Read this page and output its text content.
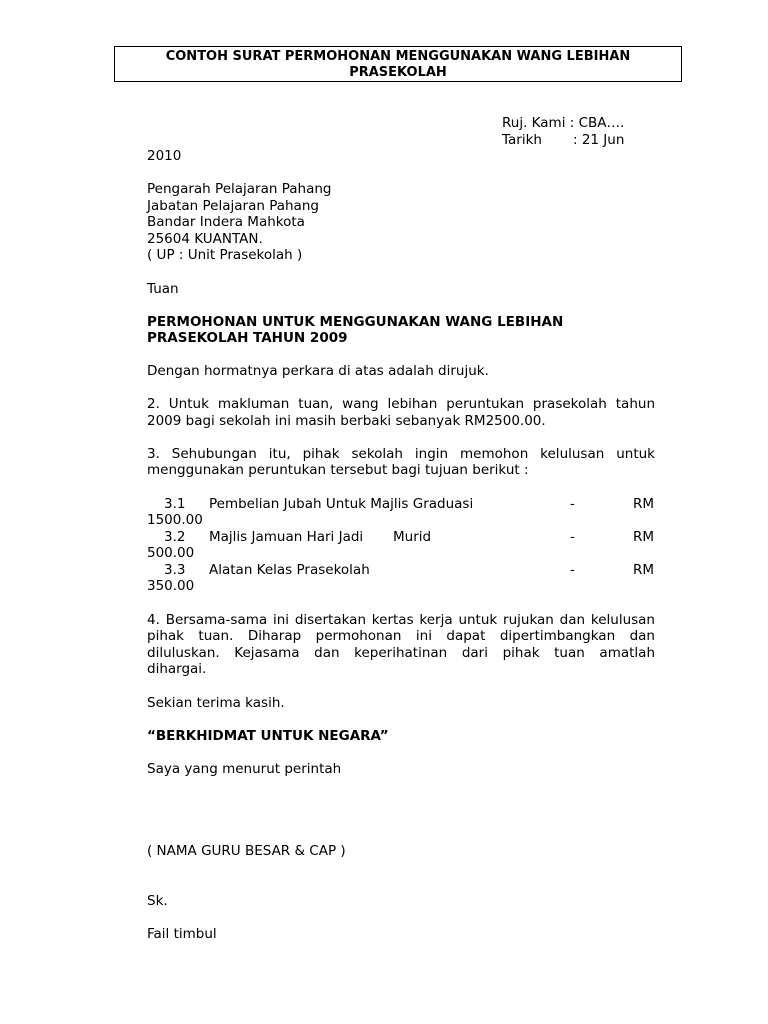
CONTOH SURAT PERMOHONAN MENGGUNAKAN WANG LEBIHAN
PRASEKOLAH
Ruj. Kami : CBA….
Tarikh : 21 Jun
2010
Pengarah Pelajaran Pahang
Jabatan Pelajaran Pahang
Bandar Indera Mahkota
25604 KUANTAN.
( UP : Unit Prasekolah )
Tuan
PERMOHONAN UNTUK MENGGUNAKAN WANG LEBIHAN
PRASEKOLAH TAHUN 2009
Dengan hormatnya perkara di atas adalah dirujuk.
2. Untuk makluman tuan, wang lebihan peruntukan prasekolah tahun
2009 bagi sekolah ini masih berbaki sebanyak RM2500.00.
3. Sehubungan itu, pihak sekolah ingin memohon kelulusan untuk
menggunakan peruntukan tersebut bagi tujuan berikut :
3.1 Pembelian Jubah Untuk Majlis Graduasi	-	RM
1500.00
3.2 Majlis Jamuan Hari Jadi Murid	-	RM
500.00
3.3 Alatan Kelas Prasekolah	-	RM
350.00
4. Bersama-sama ini disertakan kertas kerja untuk rujukan dan kelulusan
pihak tuan. Diharap permohonan ini dapat dipertimbangkan dan
diluluskan. Kejasama dan keperihatinan dari pihak tuan amatlah
dihargai.
Sekian terima kasih.
“BERKHIDMAT UNTUK NEGARA”
Saya yang menurut perintah
( NAMA GURU BESAR & CAP )
Sk.
Fail timbul
